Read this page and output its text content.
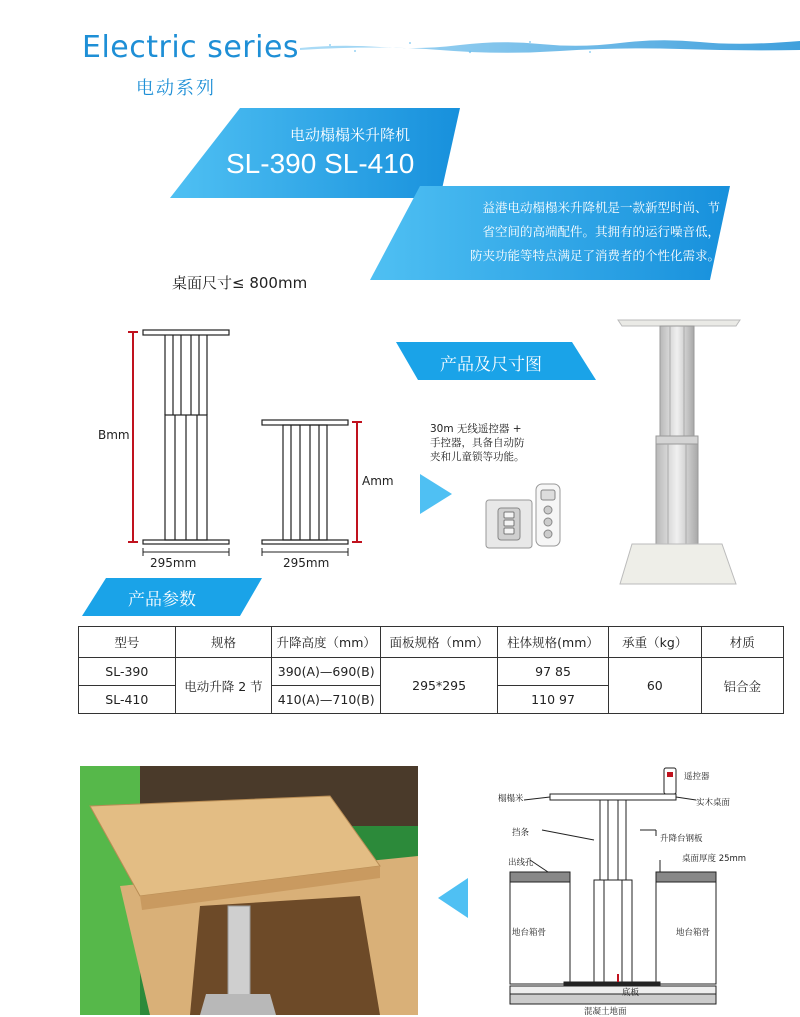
Electric series
电动系列
电动榻榻米升降机
SL-390 SL-410
益港电动榻榻米升降机是一款新型时尚、节
省空间的高端配件。其拥有的运行噪音低，
防夹功能等特点满足了消费者的个性化需求。
桌面尺寸≤ 800mm
Bmm
Amm
295mm	295mm
产品及尺寸图
30m 无线遥控器 +
手控器，具备自动防
夹和儿童锁等功能。
产品参数
型号	规格	升降高度（mm）	面板规格（mm）	柱体规格(mm）	承重（kg）	材质
SL-390	电动升降 2 节	390(A)—690(B)	295*295	97 85	60	铝合金
SL-410		410(A)—710(B)		110 97		
遥控器
榻榻米	实木桌面
挡条
升降台钢板
出线孔	桌面厚度 25mm
地台箱骨	地台箱骨
底板
混凝土地面
